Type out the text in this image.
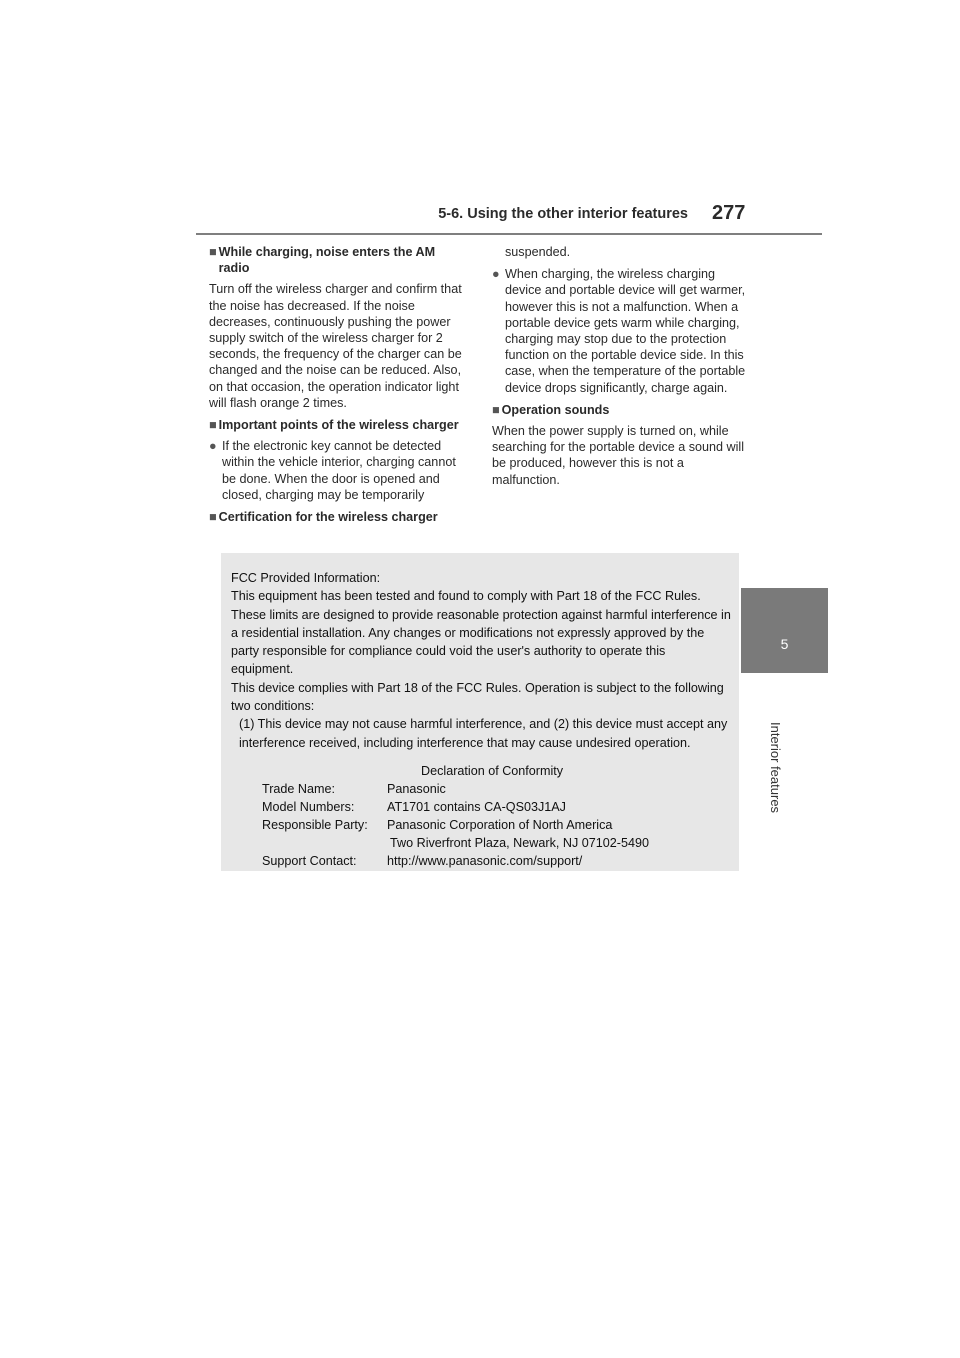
5-6. Using the other interior features 277
5
Interior features
■ While charging, noise enters the AM radio
Turn off the wireless charger and confirm that the noise has decreased. If the noise decreases, continuously pushing the power supply switch of the wireless charger for 2 seconds, the frequency of the charger can be changed and the noise can be reduced. Also, on that occasion, the operation indicator light will flash orange 2 times.
■ Important points of the wireless charger
● If the electronic key cannot be detected within the vehicle interior, charging cannot be done. When the door is opened and closed, charging may be temporarily
■ Certification for the wireless charger
suspended.
● When charging, the wireless charging device and portable device will get warmer, however this is not a malfunction. When a portable device gets warm while charging, charging may stop due to the protection function on the portable device side. In this case, when the temperature of the portable device drops significantly, charge again.
■ Operation sounds
When the power supply is turned on, while searching for the portable device a sound will be produced, however this is not a malfunction.
FCC Provided Information:
This equipment has been tested and found to comply with Part 18 of the FCC Rules. These limits are designed to provide reasonable protection against harmful interference in a residential installation. Any changes or modifications not expressly approved by the party responsible for compliance could void the user's authority to operate this equipment.
This device complies with Part 18 of the FCC Rules. Operation is subject to the following two conditions:
(1) This device may not cause harmful interference, and (2) this device must accept any interference received, including interference that may cause undesired operation.
Declaration of Conformity
Trade Name:	Panasonic
Model Numbers:	AT1701 contains CA-QS03J1AJ
Responsible Party:	Panasonic Corporation of North America
Two Riverfront Plaza, Newark, NJ 07102-5490
Support Contact:	http://www.panasonic.com/support/
